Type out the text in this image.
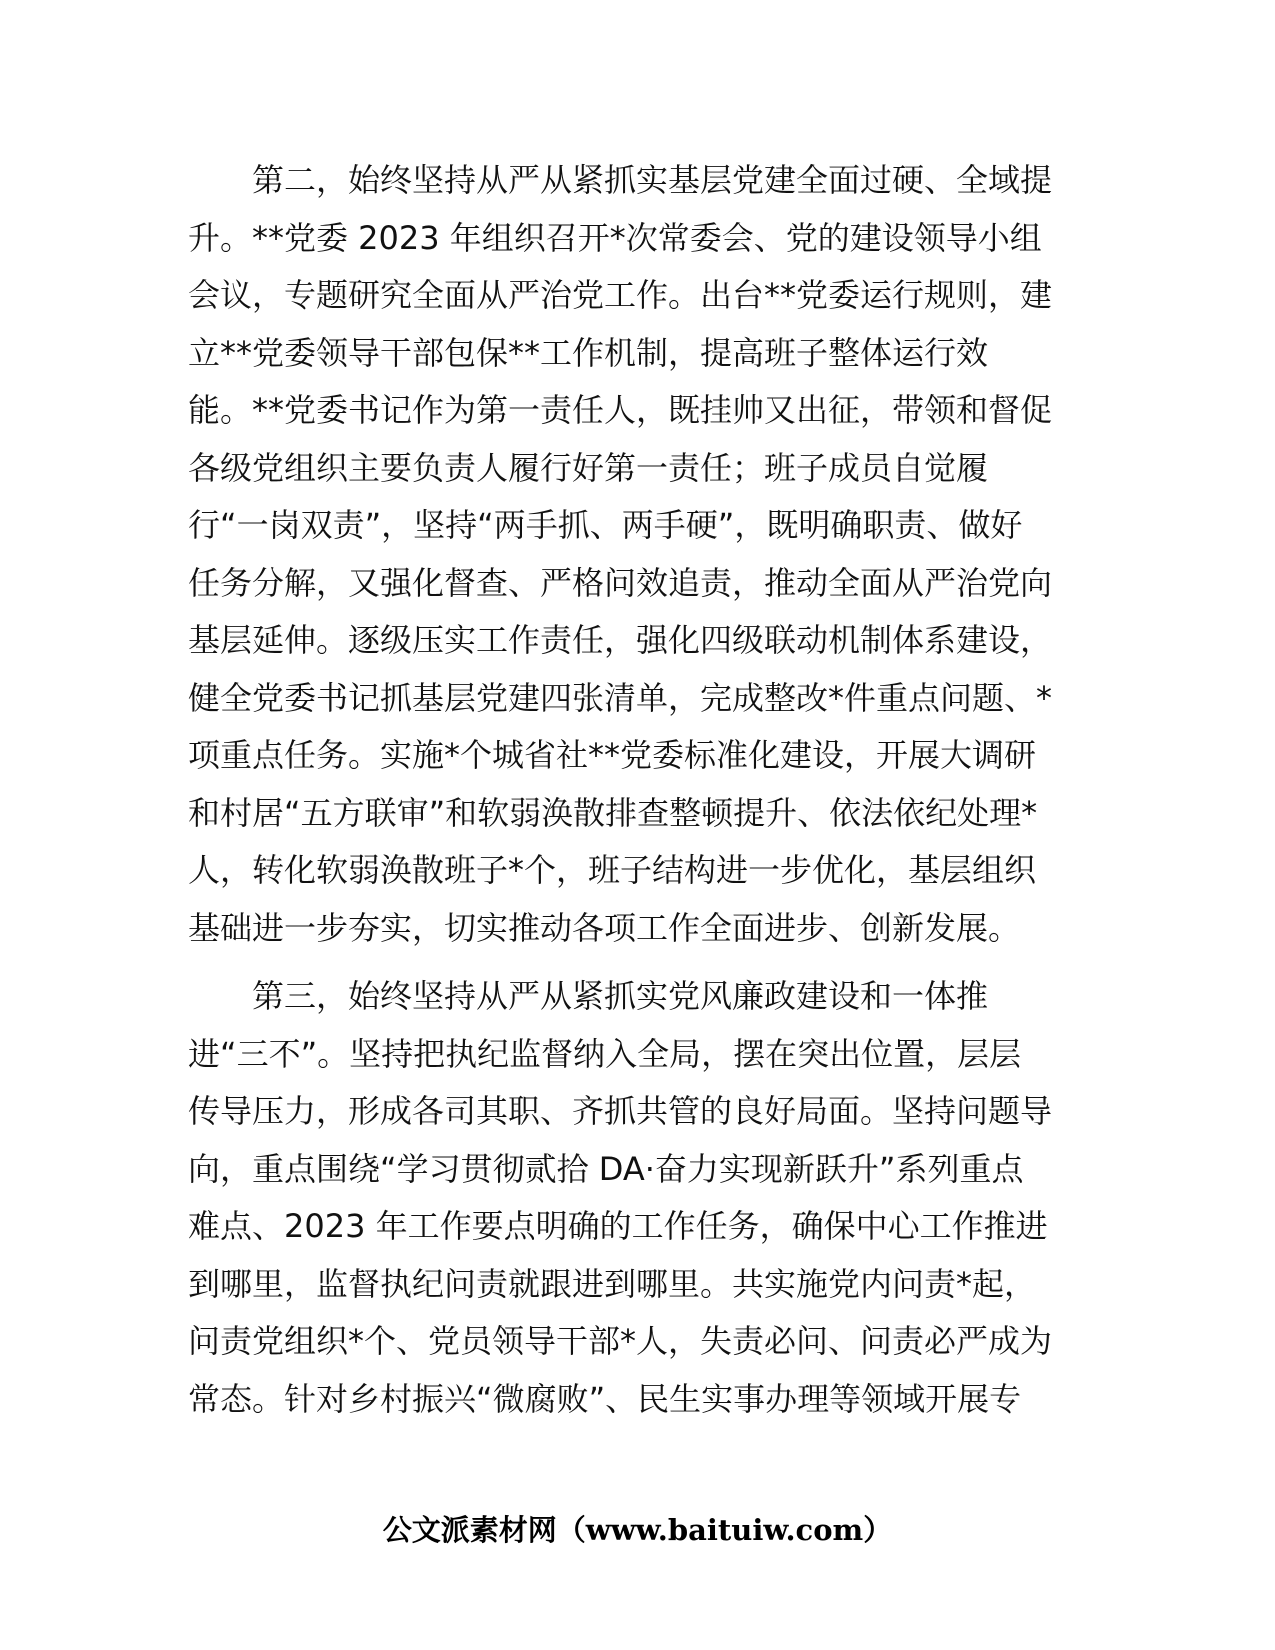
第二，始终坚持从严从紧抓实基层党建全面过硬、全域提
升。**党委 2023 年组织召开*次常委会、党的建设领导小组
会议，专题研究全面从严治党工作。出台**党委运行规则，建
立**党委领导干部包保**工作机制，提高班子整体运行效
能。**党委书记作为第一责任人，既挂帅又出征，带领和督促
各级党组织主要负责人履行好第一责任；班子成员自觉履
行“一岗双责”，坚持“两手抓、两手硬”，既明确职责、做好
任务分解，又强化督查、严格问效追责，推动全面从严治党向
基层延伸。逐级压实工作责任，强化四级联动机制体系建设，
健全党委书记抓基层党建四张清单，完成整改*件重点问题、*
项重点任务。实施*个城省社**党委标准化建设，开展大调研
和村居“五方联审”和软弱涣散排查整顿提升、依法依纪处理*
人，转化软弱涣散班子*个，班子结构进一步优化，基层组织
基础进一步夯实，切实推动各项工作全面进步、创新发展。
第三，始终坚持从严从紧抓实党风廉政建设和一体推
进“三不”。坚持把执纪监督纳入全局，摆在突出位置，层层
传导压力，形成各司其职、齐抓共管的良好局面。坚持问题导
向，重点围绕“学习贯彻贰拾 DA·奋力实现新跃升”系列重点
难点、2023 年工作要点明确的工作任务，确保中心工作推进
到哪里，监督执纪问责就跟进到哪里。共实施党内问责*起，
问责党组织*个、党员领导干部*人，失责必问、问责必严成为
常态。针对乡村振兴“微腐败”、民生实事办理等领域开展专
公文派素材网（www.baituiw.com）
